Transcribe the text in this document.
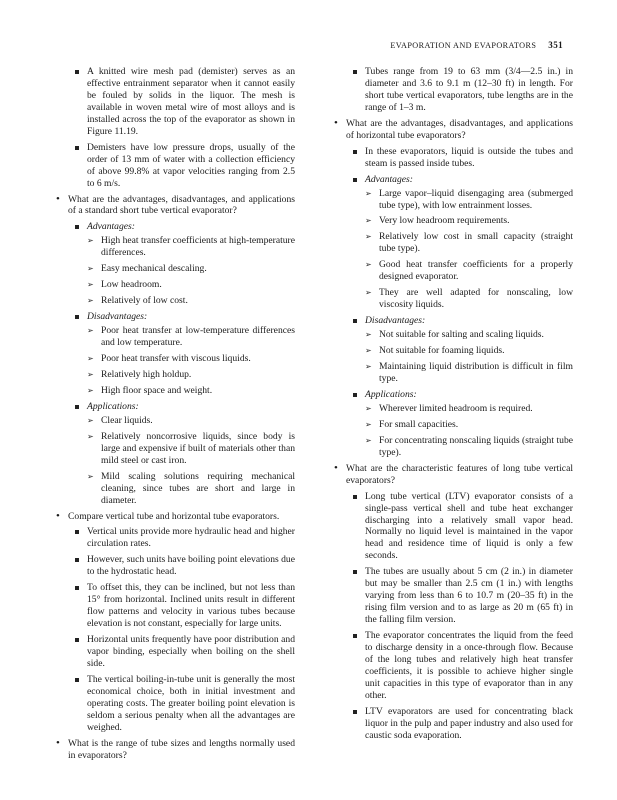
EVAPORATION AND EVAPORATORS 351

A knitted wire mesh pad (demister) serves as an effective entrainment separator when it cannot easily be fouled by solids in the liquor. The mesh is available in woven metal wire of most alloys and is installed across the top of the evaporator as shown in Figure 11.19.

Demisters have low pressure drops, usually of the order of 13 mm of water with a collection efficiency of above 99.8% at vapor velocities ranging from 2.5 to 6 m/s.

• What are the advantages, disadvantages, and applications of a standard short tube vertical evaporator?

Advantages:

➢ High heat transfer coefficients at high-temperature differences.

➢ Easy mechanical descaling.

➢ Low headroom.

➢ Relatively of low cost.

Disadvantages:

➢ Poor heat transfer at low-temperature differences and low temperature.

➢ Poor heat transfer with viscous liquids.

➢ Relatively high holdup.

➢ High floor space and weight.

Applications:

➢ Clear liquids.

➢ Relatively noncorrosive liquids, since body is large and expensive if built of materials other than mild steel or cast iron.

➢ Mild scaling solutions requiring mechanical cleaning, since tubes are short and large in diameter.

• Compare vertical tube and horizontal tube evaporators.

Vertical units provide more hydraulic head and higher circulation rates.

However, such units have boiling point elevations due to the hydrostatic head.

To offset this, they can be inclined, but not less than 15° from horizontal. Inclined units result in different flow patterns and velocity in various tubes because elevation is not constant, especially for large units.

Horizontal units frequently have poor distribution and vapor binding, especially when boiling on the shell side.

The vertical boiling-in-tube unit is generally the most economical choice, both in initial investment and operating costs. The greater boiling point elevation is seldom a serious penalty when all the advantages are weighed.

• What is the range of tube sizes and lengths normally used in evaporators?

Tubes range from 19 to 63 mm (3/4—2.5 in.) in diameter and 3.6 to 9.1 m (12–30 ft) in length. For short tube vertical evaporators, tube lengths are in the range of 1–3 m.

• What are the advantages, disadvantages, and applications of horizontal tube evaporators?

In these evaporators, liquid is outside the tubes and steam is passed inside tubes.

Advantages:

➢ Large vapor–liquid disengaging area (submerged tube type), with low entrainment losses.

➢ Very low headroom requirements.

➢ Relatively low cost in small capacity (straight tube type).

➢ Good heat transfer coefficients for a properly designed evaporator.

➢ They are well adapted for nonscaling, low viscosity liquids.

Disadvantages:

➢ Not suitable for salting and scaling liquids.

➢ Not suitable for foaming liquids.

➢ Maintaining liquid distribution is difficult in film type.

Applications:

➢ Wherever limited headroom is required.

➢ For small capacities.

➢ For concentrating nonscaling liquids (straight tube type).

• What are the characteristic features of long tube vertical evaporators?

Long tube vertical (LTV) evaporator consists of a single-pass vertical shell and tube heat exchanger discharging into a relatively small vapor head. Normally no liquid level is maintained in the vapor head and residence time of liquid is only a few seconds.

The tubes are usually about 5 cm (2 in.) in diameter but may be smaller than 2.5 cm (1 in.) with lengths varying from less than 6 to 10.7 m (20–35 ft) in the rising film version and to as large as 20 m (65 ft) in the falling film version.

The evaporator concentrates the liquid from the feed to discharge density in a once-through flow. Because of the long tubes and relatively high heat transfer coefficients, it is possible to achieve higher single unit capacities in this type of evaporator than in any other.

LTV evaporators are used for concentrating black liquor in the pulp and paper industry and also used for caustic soda evaporation.
